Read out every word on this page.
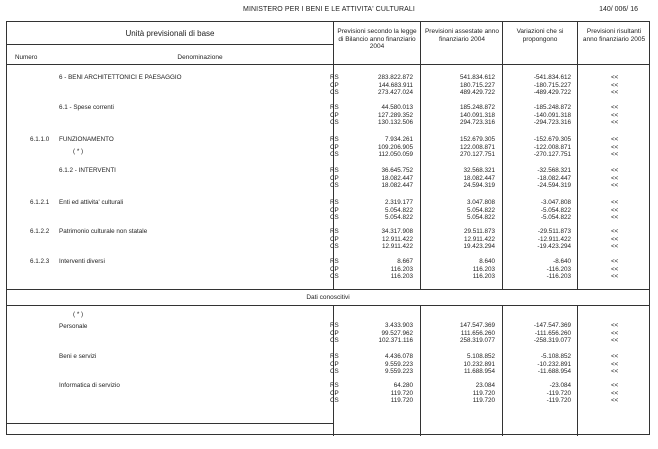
MINISTERO PER I BENI E LE ATTIVITA' CULTURALI	140/ 006/ 16
Unità previsionali di base
Numero	Denominazione
Previsioni secondo la legge di Bilancio anno finanziario 2004
Previsioni assestate anno finanziario 2004
Variazioni che si propongono
Previsioni risultanti anno finanziario 2005
Dati conoscitivi
( * )
6 - BENI ARCHITETTONICI E PAESAGGIO	RS	283.822.872	541.834.612	-541.834.612	<<
CP	144.683.911	180.715.227	-180.715.227	<<
CS	273.427.024	489.429.722	-489.429.722	<<
6.1 - Spese correnti	RS	44.580.013	185.248.872	-185.248.872	<<
CP	127.289.352	140.091.318	-140.091.318	<<
CS	130.132.506	294.723.316	-294.723.316	<<
6.1.1.0 FUNZIONAMENTO
( * )
RS	7.934.261	152.679.305	-152.679.305	<<
CP	109.206.905	122.008.871	-122.008.871	<<
CS	112.050.059	270.127.751	-270.127.751	<<
6.1.2 - INTERVENTI	RS	36.645.752	32.568.321	-32.568.321	<<
CP	18.082.447	18.082.447	-18.082.447	<<
CS	18.082.447	24.594.319	-24.594.319	<<
6.1.2.1 Enti ed attivita' culturali	RS	2.319.177	3.047.808	-3.047.808	<<
CP	5.054.822	5.054.822	-5.054.822	<<
CS	5.054.822	5.054.822	-5.054.822	<<
6.1.2.2 Patrimonio culturale non statale	RS	34.317.908	29.511.873	-29.511.873	<<
CP	12.911.422	12.911.422	-12.911.422	<<
CS	12.911.422	19.423.294	-19.423.294	<<
6.1.2.3 Interventi diversi	RS	8.667	8.640	-8.640	<<
CP	116.203	116.203	-116.203	<<
CS	116.203	116.203	-116.203	<<
Personale	RS	3.433.903	147.547.369	-147.547.369	<<
CP	99.527.962	111.656.260	-111.656.260	<<
CS	102.371.116	258.319.077	-258.319.077	<<
Beni e servizi	RS	4.436.078	5.108.852	-5.108.852	<<
CP	9.559.223	10.232.891	-10.232.891	<<
CS	9.559.223	11.688.954	-11.688.954	<<
Informatica di servizio	RS	64.280	23.084	-23.084	<<
CP	119.720	119.720	-119.720	<<
CS	119.720	119.720	-119.720	<<
